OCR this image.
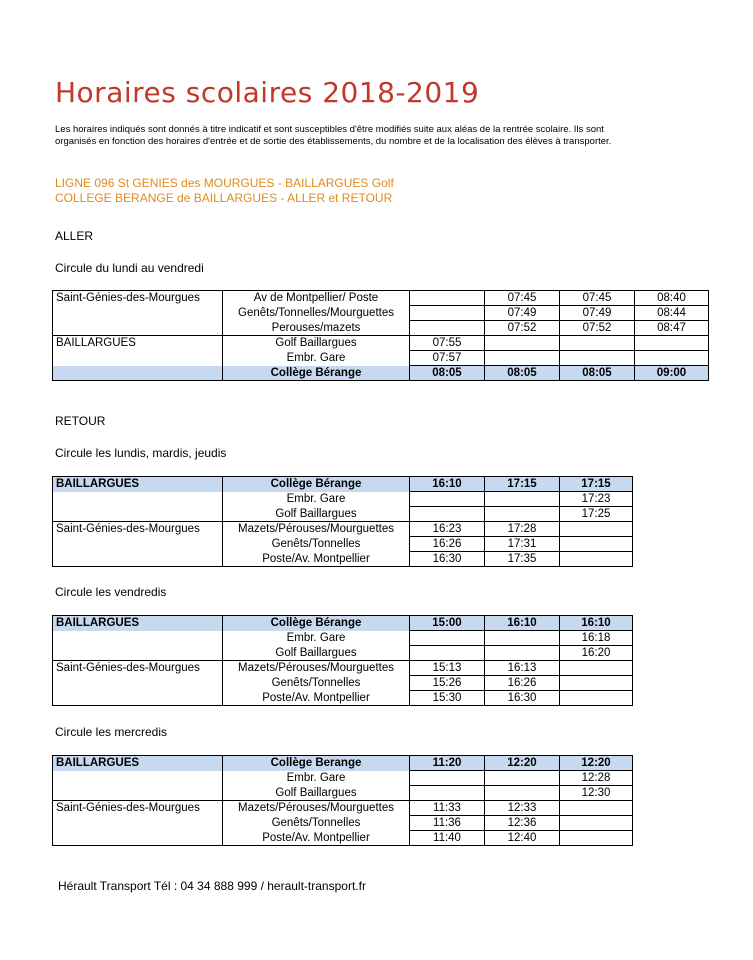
Horaires scolaires 2018-2019
Les horaires indiqués sont donnés à titre indicatif et sont susceptibles d'être modifiés suite aux aléas de la rentrée scolaire. Ils sont organisés en fonction des horaires d'entrée et de sortie des établissements, du nombre et de la localisation des élèves à transporter.
LIGNE 096 St GENIES des MOURGUES - BAILLARGUES Golf
COLLEGE BERANGE de BAILLARGUES - ALLER et RETOUR
ALLER
Circule du lundi au vendredi
Saint-Génies-des-Mourgues	Av de Montpellier/ Poste		07:45	07:45	08:40
	Genêts/Tonnelles/Mourguettes		07:49	07:49	08:44
	Perouses/mazets		07:52	07:52	08:47
BAILLARGUES	Golf Baillargues	07:55			
	Embr. Gare	07:57			
	Collège Bérange	08:05	08:05	08:05	09:00
RETOUR
Circule les lundis, mardis, jeudis
BAILLARGUES	Collège Bérange	16:10	17:15	17:15
	Embr. Gare			17:23
	Golf Baillargues			17:25
Saint-Génies-des-Mourgues	Mazets/Pérouses/Mourguettes	16:23	17:28	
	Genêts/Tonnelles	16:26	17:31	
	Poste/Av. Montpellier	16:30	17:35	
Circule les vendredis
BAILLARGUES	Collège Bérange	15:00	16:10	16:10
	Embr. Gare			16:18
	Golf Baillargues			16:20
Saint-Génies-des-Mourgues	Mazets/Pérouses/Mourguettes	15:13	16:13	
	Genêts/Tonnelles	15:26	16:26	
	Poste/Av. Montpellier	15:30	16:30	
Circule les mercredis
BAILLARGUES	Collège Berange	11:20	12:20	12:20
	Embr. Gare			12:28
	Golf Baillargues			12:30
Saint-Génies-des-Mourgues	Mazets/Pérouses/Mourguettes	11:33	12:33	
	Genêts/Tonnelles	11:36	12:36	
	Poste/Av. Montpellier	11:40	12:40	
Hérault Transport Tél : 04 34 888 999 / herault-transport.fr
